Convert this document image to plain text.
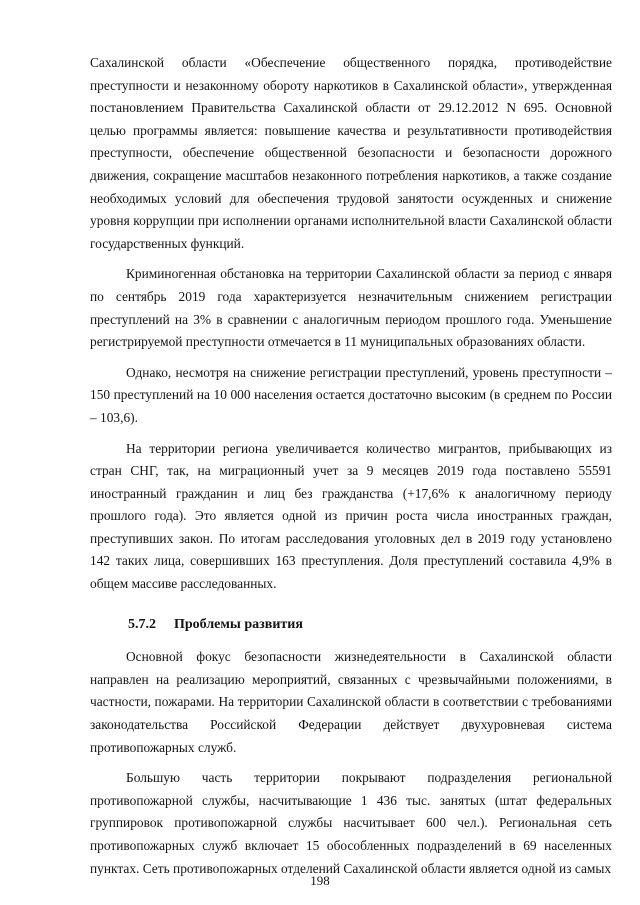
Сахалинской области «Обеспечение общественного порядка, противодействие преступности и незаконному обороту наркотиков в Сахалинской области», утвержденная постановлением Правительства Сахалинской области от 29.12.2012 N 695. Основной целью программы является: повышение качества и результативности противодействия преступности, обеспечение общественной безопасности и безопасности дорожного движения, сокращение масштабов незаконного потребления наркотиков, а также создание необходимых условий для обеспечения трудовой занятости осужденных и снижение уровня коррупции при исполнении органами исполнительной власти Сахалинской области государственных функций.

Криминогенная обстановка на территории Сахалинской области за период с января по сентябрь 2019 года характеризуется незначительным снижением регистрации преступлений на 3% в сравнении с аналогичным периодом прошлого года. Уменьшение регистрируемой преступности отмечается в 11 муниципальных образованиях области.

Однако, несмотря на снижение регистрации преступлений, уровень преступности – 150 преступлений на 10 000 населения остается достаточно высоким (в среднем по России – 103,6).

На территории региона увеличивается количество мигрантов, прибывающих из стран СНГ, так, на миграционный учет за 9 месяцев 2019 года поставлено 55591 иностранный гражданин и лиц без гражданства (+17,6% к аналогичному периоду прошлого года). Это является одной из причин роста числа иностранных граждан, преступивших закон. По итогам расследования уголовных дел в 2019 году установлено 142 таких лица, совершивших 163 преступления. Доля преступлений составила 4,9% в общем массиве расследованных.

5.7.2 Проблемы развития

Основной фокус безопасности жизнедеятельности в Сахалинской области направлен на реализацию мероприятий, связанных с чрезвычайными положениями, в частности, пожарами. На территории Сахалинской области в соответствии с требованиями законодательства Российской Федерации действует двухуровневая система противопожарных служб.

Большую часть территории покрывают подразделения региональной противопожарной службы, насчитывающие 1 436 тыс. занятых (штат федеральных группировок противопожарной службы насчитывает 600 чел.). Региональная сеть противопожарных служб включает 15 обособленных подразделений в 69 населенных пунктах. Сеть противопожарных отделений Сахалинской области является одной из самых

198
